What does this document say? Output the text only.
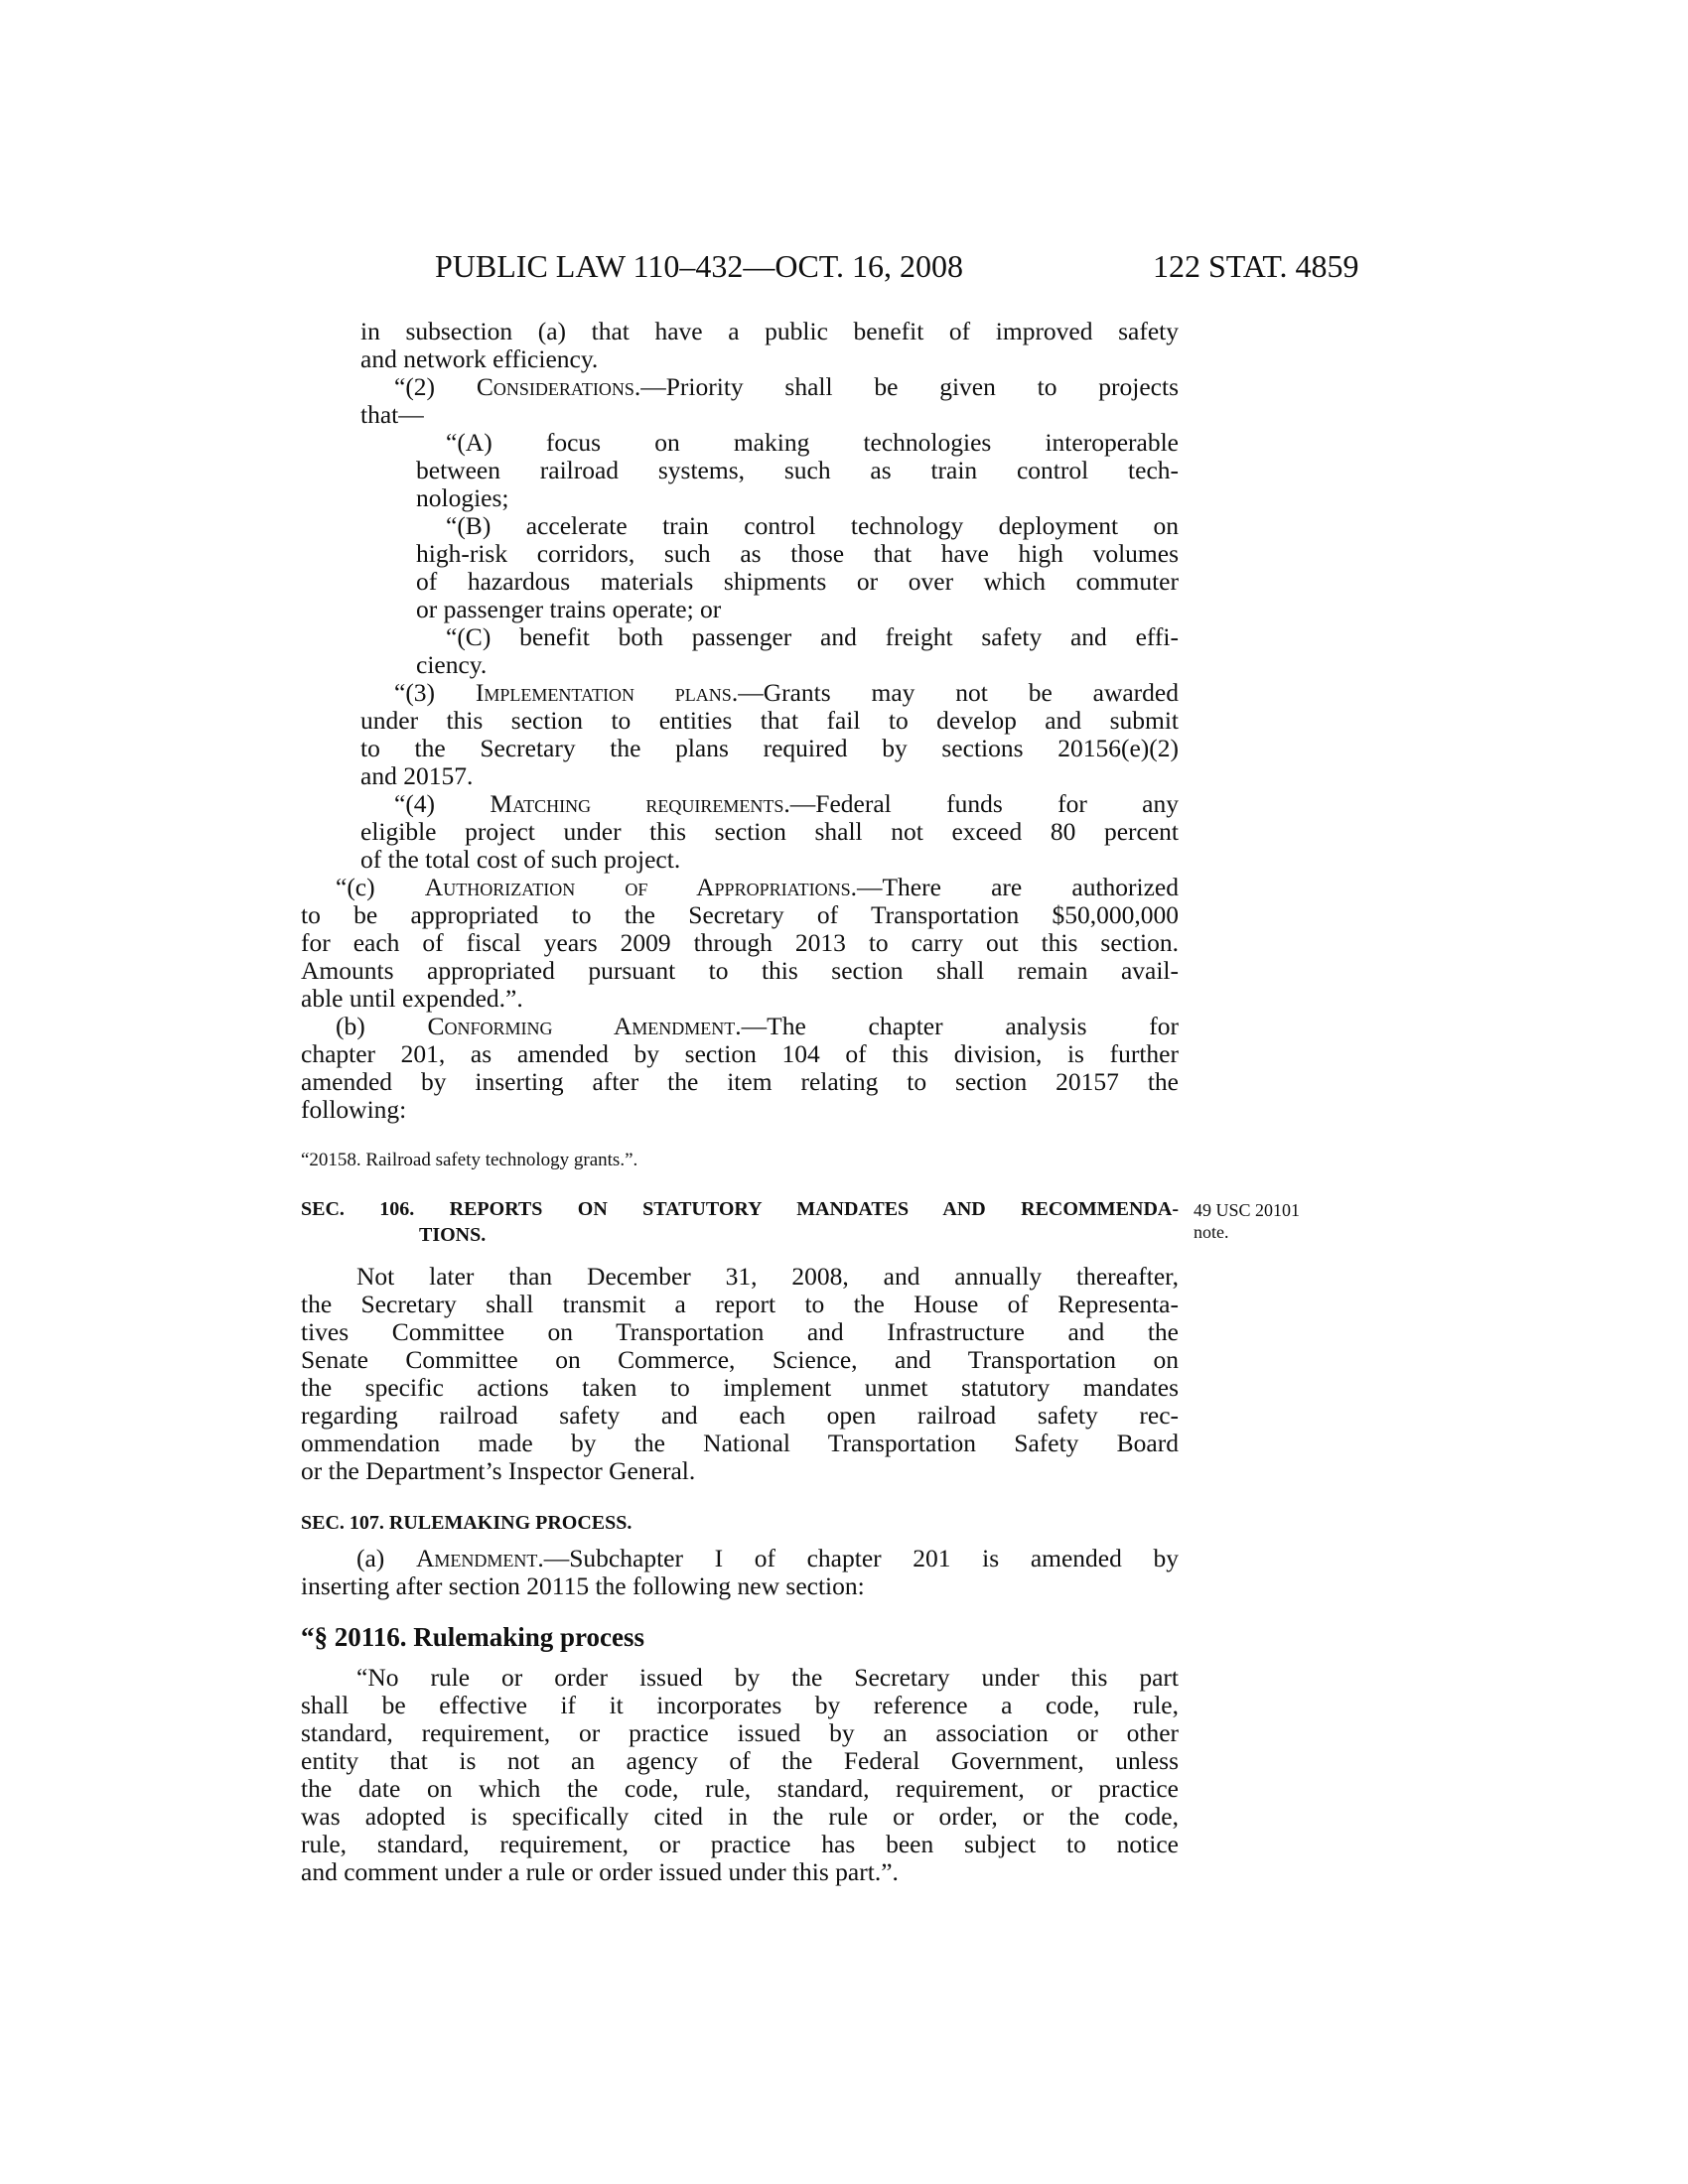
PUBLIC LAW 110–432—OCT. 16, 2008	122 STAT. 4859
in subsection (a) that have a public benefit of improved safety
and network efficiency.
“(2) Considerations.—Priority shall be given to projects
that—
“(A) focus on making technologies interoperable
between railroad systems, such as train control tech-
nologies;
“(B) accelerate train control technology deployment on
high-risk corridors, such as those that have high volumes
of hazardous materials shipments or over which commuter
or passenger trains operate; or
“(C) benefit both passenger and freight safety and effi-
ciency.
“(3) Implementation plans.—Grants may not be awarded
under this section to entities that fail to develop and submit
to the Secretary the plans required by sections 20156(e)(2)
and 20157.
“(4) Matching requirements.—Federal funds for any
eligible project under this section shall not exceed 80 percent
of the total cost of such project.
“(c) Authorization of Appropriations.—There are authorized
to be appropriated to the Secretary of Transportation $50,000,000
for each of fiscal years 2009 through 2013 to carry out this section.
Amounts appropriated pursuant to this section shall remain avail-
able until expended.”.
(b) Conforming Amendment.—The chapter analysis for
chapter 201, as amended by section 104 of this division, is further
amended by inserting after the item relating to section 20157 the
following:
“20158. Railroad safety technology grants.”.
SEC. 106. REPORTS ON STATUTORY MANDATES AND RECOMMENDA-
TIONS.
49 USC 20101
note.
Not later than December 31, 2008, and annually thereafter,
the Secretary shall transmit a report to the House of Representa-
tives Committee on Transportation and Infrastructure and the
Senate Committee on Commerce, Science, and Transportation on
the specific actions taken to implement unmet statutory mandates
regarding railroad safety and each open railroad safety rec-
ommendation made by the National Transportation Safety Board
or the Department’s Inspector General.
SEC. 107. RULEMAKING PROCESS.
(a) Amendment.—Subchapter I of chapter 201 is amended by
inserting after section 20115 the following new section:
“§ 20116. Rulemaking process
“No rule or order issued by the Secretary under this part
shall be effective if it incorporates by reference a code, rule,
standard, requirement, or practice issued by an association or other
entity that is not an agency of the Federal Government, unless
the date on which the code, rule, standard, requirement, or practice
was adopted is specifically cited in the rule or order, or the code,
rule, standard, requirement, or practice has been subject to notice
and comment under a rule or order issued under this part.”.
